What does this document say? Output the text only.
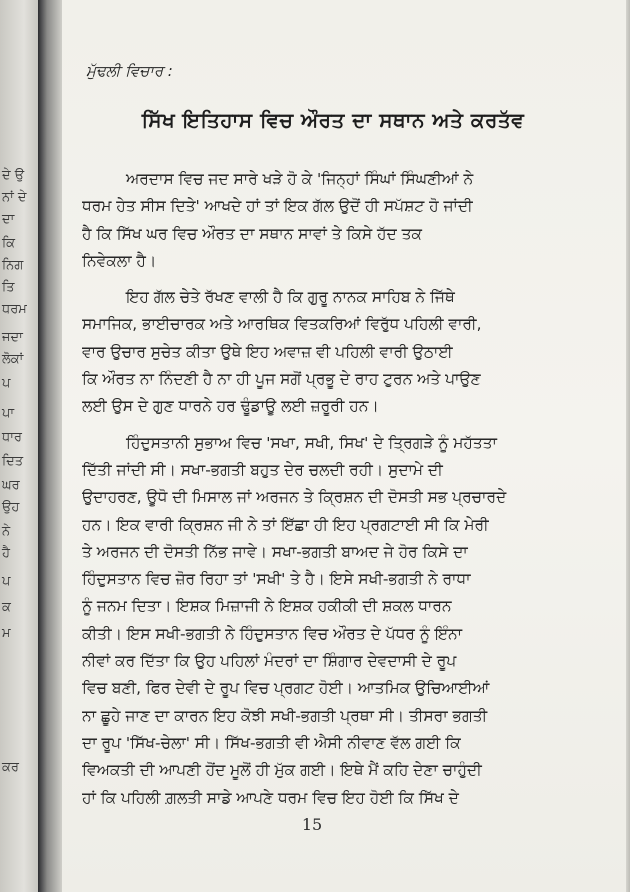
ਦੇ ਉ
ਨਾਂ ਦੇ
ਦਾ
ਕਿ
ਨਿਗ
ਤਿ
ਧਰਮ
ਜਦਾ
ਲੋਕਾਂ
ਪ
ਪਾ
ਧਾਰ
ਦਿਤ
ਘਰ
ਉਹ
ਨੇ
ਹੈ
ਪ
ਕ
ਮ
ਕਰ
ਮੁੱਢਲੀ ਵਿਚਾਰ :
ਸਿੱਖ ਇਤਿਹਾਸ ਵਿਚ ਔਰਤ ਦਾ ਸਥਾਨ ਅਤੇ ਕਰਤੱਵ

ਅਰਦਾਸ ਵਿਚ ਜਦ ਸਾਰੇ ਖੜੇ ਹੋ ਕੇ 'ਜਿਨ੍ਹਾਂ ਸਿੰਘਾਂ ਸਿੰਘਣੀਆਂ ਨੇ
ਧਰਮ ਹੇਤ ਸੀਸ ਦਿਤੇ' ਆਖਦੇ ਹਾਂ ਤਾਂ ਇਕ ਗੱਲ ਉਦੋਂ ਹੀ ਸਪੱਸ਼ਟ ਹੋ ਜਾਂਦੀ
ਹੈ ਕਿ ਸਿੱਖ ਘਰ ਵਿਚ ਔਰਤ ਦਾ ਸਥਾਨ ਸਾਵਾਂ ਤੇ ਕਿਸੇ ਹੱਦ ਤਕ
ਨਿਵੇਕਲਾ ਹੈ।

ਇਹ ਗੱਲ ਚੇਤੇ ਰੱਖਣ ਵਾਲੀ ਹੈ ਕਿ ਗੁਰੂ ਨਾਨਕ ਸਾਹਿਬ ਨੇ ਜਿੱਥੇ
ਸਮਾਜਿਕ, ਭਾਈਚਾਰਕ ਅਤੇ ਆਰਥਿਕ ਵਿਤਕਰਿਆਂ ਵਿਰੁੱਧ ਪਹਿਲੀ ਵਾਰੀ,
ਵਾਰ ਉਚਾਰ ਸੁਚੇਤ ਕੀਤਾ ਉਥੇ ਇਹ ਅਵਾਜ਼ ਵੀ ਪਹਿਲੀ ਵਾਰੀ ਉਠਾਈ
ਕਿ ਔਰਤ ਨਾ ਨਿੰਦਣੀ ਹੈ ਨਾ ਹੀ ਪੂਜ ਸਗੋਂ ਪ੍ਰਭੂ ਦੇ ਰਾਹ ਟੁਰਨ ਅਤੇ ਪਾਉਣ
ਲਈ ਉਸ ਦੇ ਗੁਣ ਧਾਰਨੇ ਹਰ ਢੂੰਡਾਊ ਲਈ ਜ਼ਰੂਰੀ ਹਨ।

ਹਿੰਦੁਸਤਾਨੀ ਸੁਭਾਅ ਵਿਚ 'ਸਖਾ, ਸਖੀ, ਸਿਖ' ਦੇ ਤ੍ਰਿਗੜੇ ਨੂੰ ਮਹੱਤਤਾ
ਦਿੱਤੀ ਜਾਂਦੀ ਸੀ। ਸਖਾ-ਭਗਤੀ ਬਹੁਤ ਦੇਰ ਚਲਦੀ ਰਹੀ। ਸੁਦਾਮੇ ਦੀ
ਉਦਾਹਰਣ, ਊਧੋ ਦੀ ਮਿਸਾਲ ਜਾਂ ਅਰਜਨ ਤੇ ਕ੍ਰਿਸ਼ਨ ਦੀ ਦੋਸਤੀ ਸਭ ਪ੍ਰਚਾਰਦੇ
ਹਨ। ਇਕ ਵਾਰੀ ਕ੍ਰਿਸ਼ਨ ਜੀ ਨੇ ਤਾਂ ਇੱਛਾ ਹੀ ਇਹ ਪ੍ਰਗਟਾਈ ਸੀ ਕਿ ਮੇਰੀ
ਤੇ ਅਰਜਨ ਦੀ ਦੋਸਤੀ ਨਿੱਭ ਜਾਵੇ। ਸਖਾ-ਭਗਤੀ ਬਾਅਦ ਜੇ ਹੋਰ ਕਿਸੇ ਦਾ
ਹਿੰਦੁਸਤਾਨ ਵਿਚ ਜ਼ੋਰ ਰਿਹਾ ਤਾਂ 'ਸਖੀ' ਤੇ ਹੈ। ਇਸੇ ਸਖੀ-ਭਗਤੀ ਨੇ ਰਾਧਾ
ਨੂੰ ਜਨਮ ਦਿਤਾ। ਇਸ਼ਕ ਮਿਜ਼ਾਜੀ ਨੇ ਇਸ਼ਕ ਹਕੀਕੀ ਦੀ ਸ਼ਕਲ ਧਾਰਨ
ਕੀਤੀ। ਇਸ ਸਖੀ-ਭਗਤੀ ਨੇ ਹਿੰਦੁਸਤਾਨ ਵਿਚ ਔਰਤ ਦੇ ਪੱਧਰ ਨੂੰ ਇੰਨਾ
ਨੀਵਾਂ ਕਰ ਦਿੱਤਾ ਕਿ ਉਹ ਪਹਿਲਾਂ ਮੰਦਰਾਂ ਦਾ ਸ਼ਿੰਗਾਰ ਦੇਵਦਾਸੀ ਦੇ ਰੂਪ
ਵਿਚ ਬਣੀ, ਫਿਰ ਦੇਵੀ ਦੇ ਰੂਪ ਵਿਚ ਪ੍ਰਗਟ ਹੋਈ। ਆਤਮਿਕ ਉਚਿਆਈਆਂ
ਨਾ ਛੂਹੇ ਜਾਣ ਦਾ ਕਾਰਨ ਇਹ ਕੋਝੀ ਸਖੀ-ਭਗਤੀ ਪ੍ਰਥਾ ਸੀ। ਤੀਸਰਾ ਭਗਤੀ
ਦਾ ਰੂਪ 'ਸਿੱਖ-ਚੇਲਾ' ਸੀ। ਸਿੱਖ-ਭਗਤੀ ਵੀ ਐਸੀ ਨੀਵਾਣ ਵੱਲ ਗਈ ਕਿ
ਵਿਅਕਤੀ ਦੀ ਆਪਣੀ ਹੋਂਦ ਮੂਲੋਂ ਹੀ ਮੁੱਕ ਗਈ। ਇਥੇ ਮੈਂ ਕਹਿ ਦੇਣਾ ਚਾਹੁੰਦੀ
ਹਾਂ ਕਿ ਪਹਿਲੀ ਗ਼ਲਤੀ ਸਾਡੇ ਆਪਣੇ ਧਰਮ ਵਿਚ ਇਹ ਹੋਈ ਕਿ ਸਿੱਖ ਦੇ

15
